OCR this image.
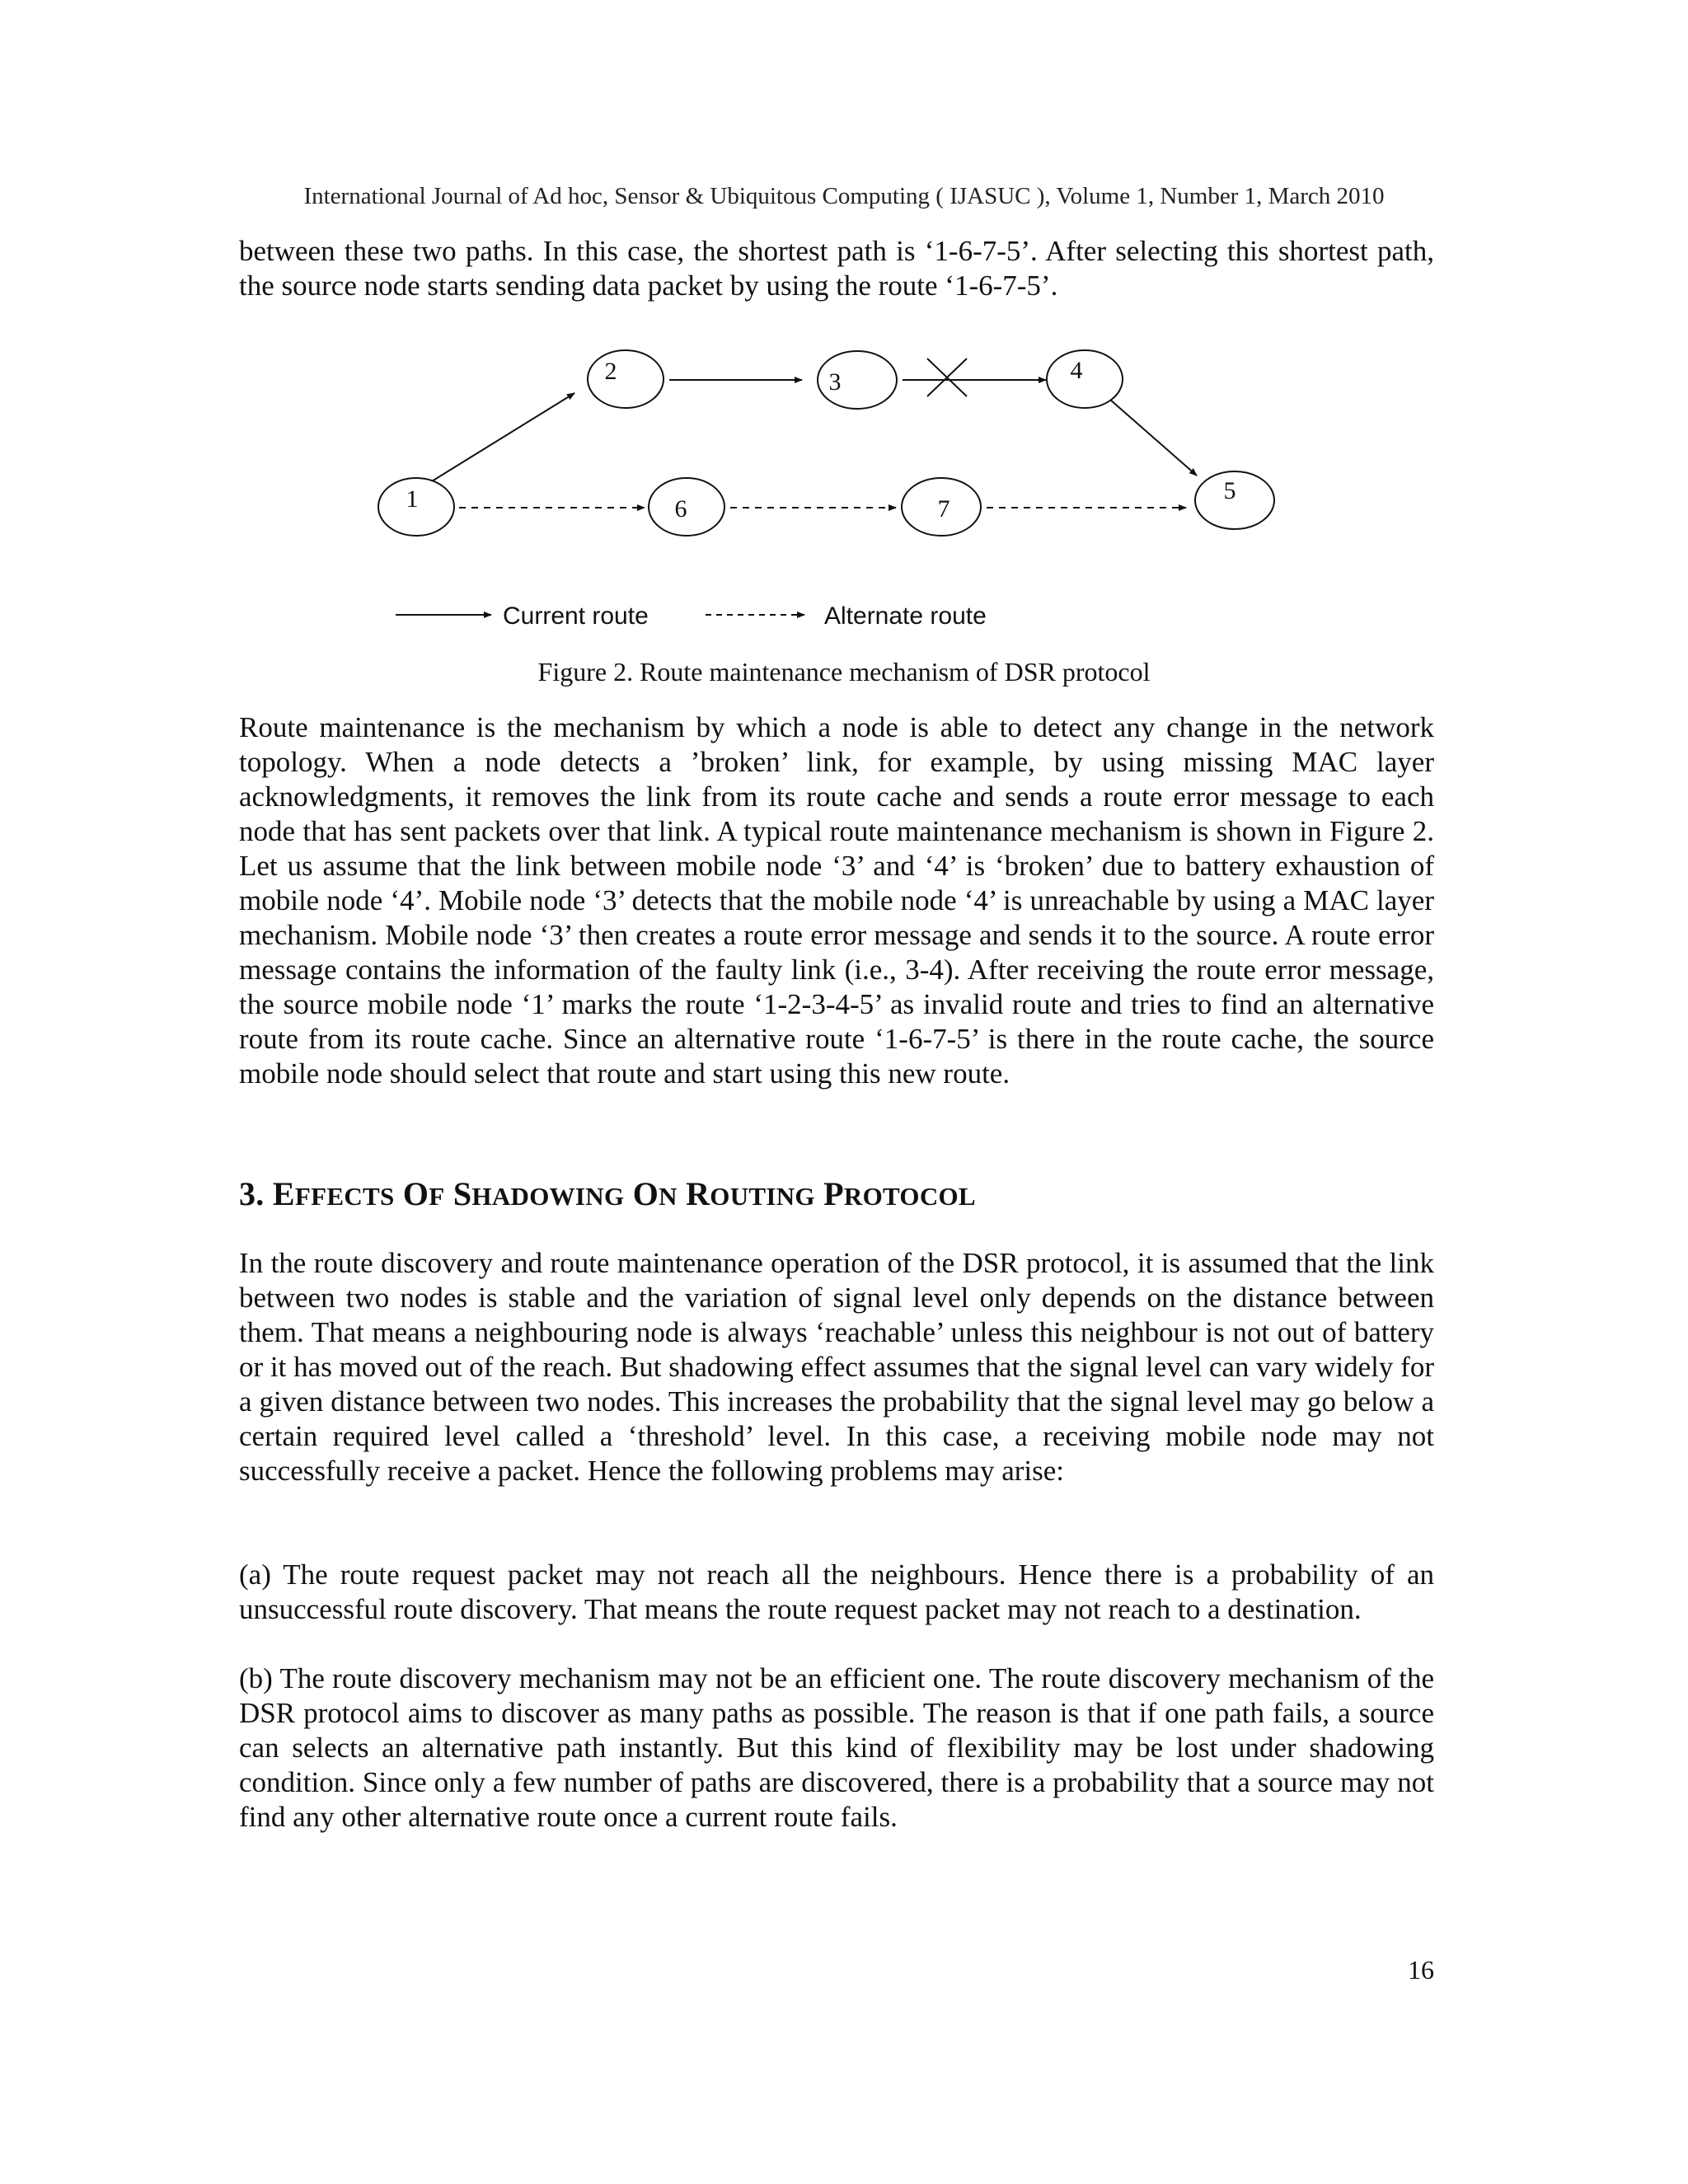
International Journal of Ad hoc, Sensor & Ubiquitous Computing ( IJASUC ), Volume 1, Number 1, March 2010

between these two paths. In this case, the shortest path is ‘1-6-7-5’. After selecting this shortest path, the source node starts sending data packet by using the route ‘1-6-7-5’.

1
2	3	4
5
6	7
Current route	Alternate route
Figure 2. Route maintenance mechanism of DSR protocol

Route maintenance is the mechanism by which a node is able to detect any change in the network topology. When a node detects a ’broken’ link, for example, by using missing MAC layer acknowledgments, it removes the link from its route cache and sends a route error message to each node that has sent packets over that link. A typical route maintenance mechanism is shown in Figure 2. Let us assume that the link between mobile node ‘3’ and ‘4’ is ‘broken’ due to battery exhaustion of mobile node ‘4’. Mobile node ‘3’ detects that the mobile node ‘4’ is unreachable by using a MAC layer mechanism. Mobile node ‘3’ then creates a route error message and sends it to the source. A route error message contains the information of the faulty link (i.e., 3-4). After receiving the route error message, the source mobile node ‘1’ marks the route ‘1-2-3-4-5’ as invalid route and tries to find an alternative route from its route cache. Since an alternative route ‘1-6-7-5’ is there in the route cache, the source mobile node should select that route and start using this new route.

3. EFFECTS OF SHADOWING ON ROUTING PROTOCOL

In the route discovery and route maintenance operation of the DSR protocol, it is assumed that the link between two nodes is stable and the variation of signal level only depends on the distance between them. That means a neighbouring node is always ‘reachable’ unless this neighbour is not out of battery or it has moved out of the reach. But shadowing effect assumes that the signal level can vary widely for a given distance between two nodes. This increases the probability that the signal level may go below a certain required level called a ‘threshold’ level. In this case, a receiving mobile node may not successfully receive a packet. Hence the following problems may arise:

(a) The route request packet may not reach all the neighbours. Hence there is a probability of an unsuccessful route discovery. That means the route request packet may not reach to a destination.

(b) The route discovery mechanism may not be an efficient one. The route discovery mechanism of the DSR protocol aims to discover as many paths as possible. The reason is that if one path fails, a source can selects an alternative path instantly. But this kind of flexibility may be lost under shadowing condition. Since only a few number of paths are discovered, there is a probability that a source may not find any other alternative route once a current route fails.

16
